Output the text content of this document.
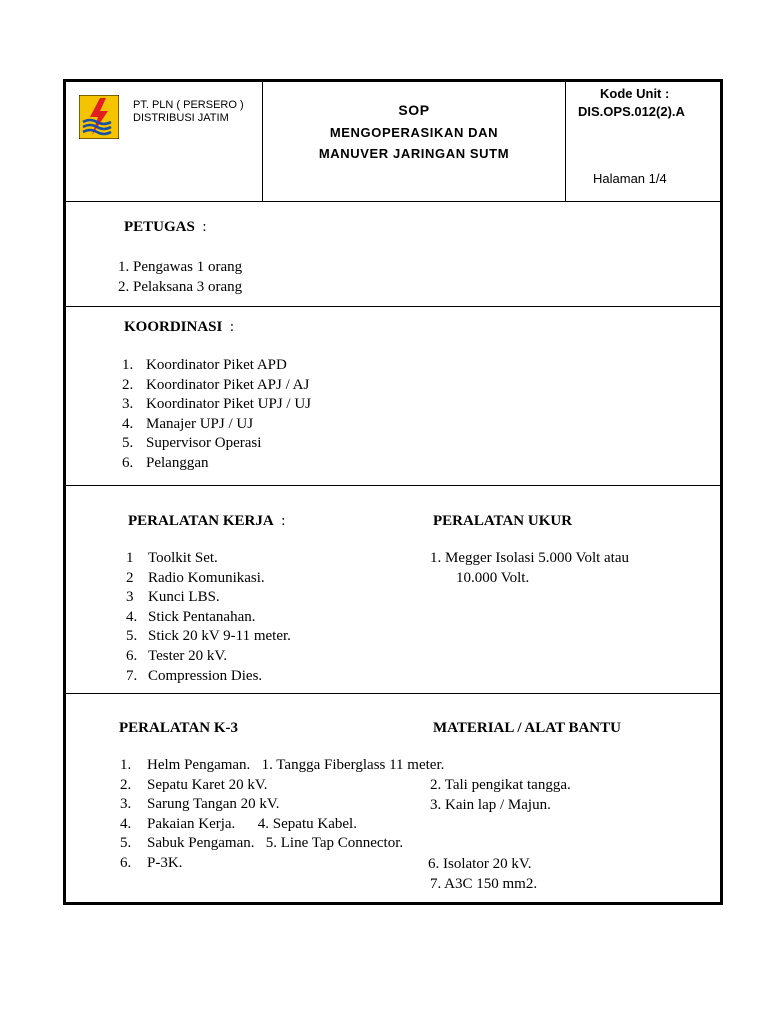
PT. PLN ( PERSERO )
DISTRIBUSI JATIM	SOP
MENGOPERASIKAN DAN
MANUVER JARINGAN SUTM
Kode Unit :
DIS.OPS.012(2).A
Halaman 1/4
PETUGAS :
1. Pengawas 1 orang
2. Pelaksana 3 orang
KOORDINASI :
1. Koordinator Piket APD
2. Koordinator Piket APJ / AJ
3. Koordinator Piket UPJ / UJ
4. Manajer UPJ / UJ
5. Supervisor Operasi
6. Pelanggan
PERALATAN KERJA :
1 Toolkit Set.
2 Radio Komunikasi.
3 Kunci LBS.
4. Stick Pentanahan.
5. Stick 20 kV 9-11 meter.
6. Tester 20 kV.
7. Compression Dies.
PERALATAN UKUR
1. Megger Isolasi 5.000 Volt atau
10.000 Volt.
PERALATAN K-3
1. Helm Pengaman. 1. Tangga Fiberglass 11 meter.
2. Sepatu Karet 20 kV.
3. Sarung Tangan 20 kV.
4. Pakaian Kerja. 4. Sepatu Kabel.
5. Sabuk Pengaman. 5. Line Tap Connector.
6. P-3K.
MATERIAL / ALAT BANTU
2. Tali pengikat tangga.
3. Kain lap / Majun.
6. Isolator 20 kV.
7. A3C 150 mm2.
